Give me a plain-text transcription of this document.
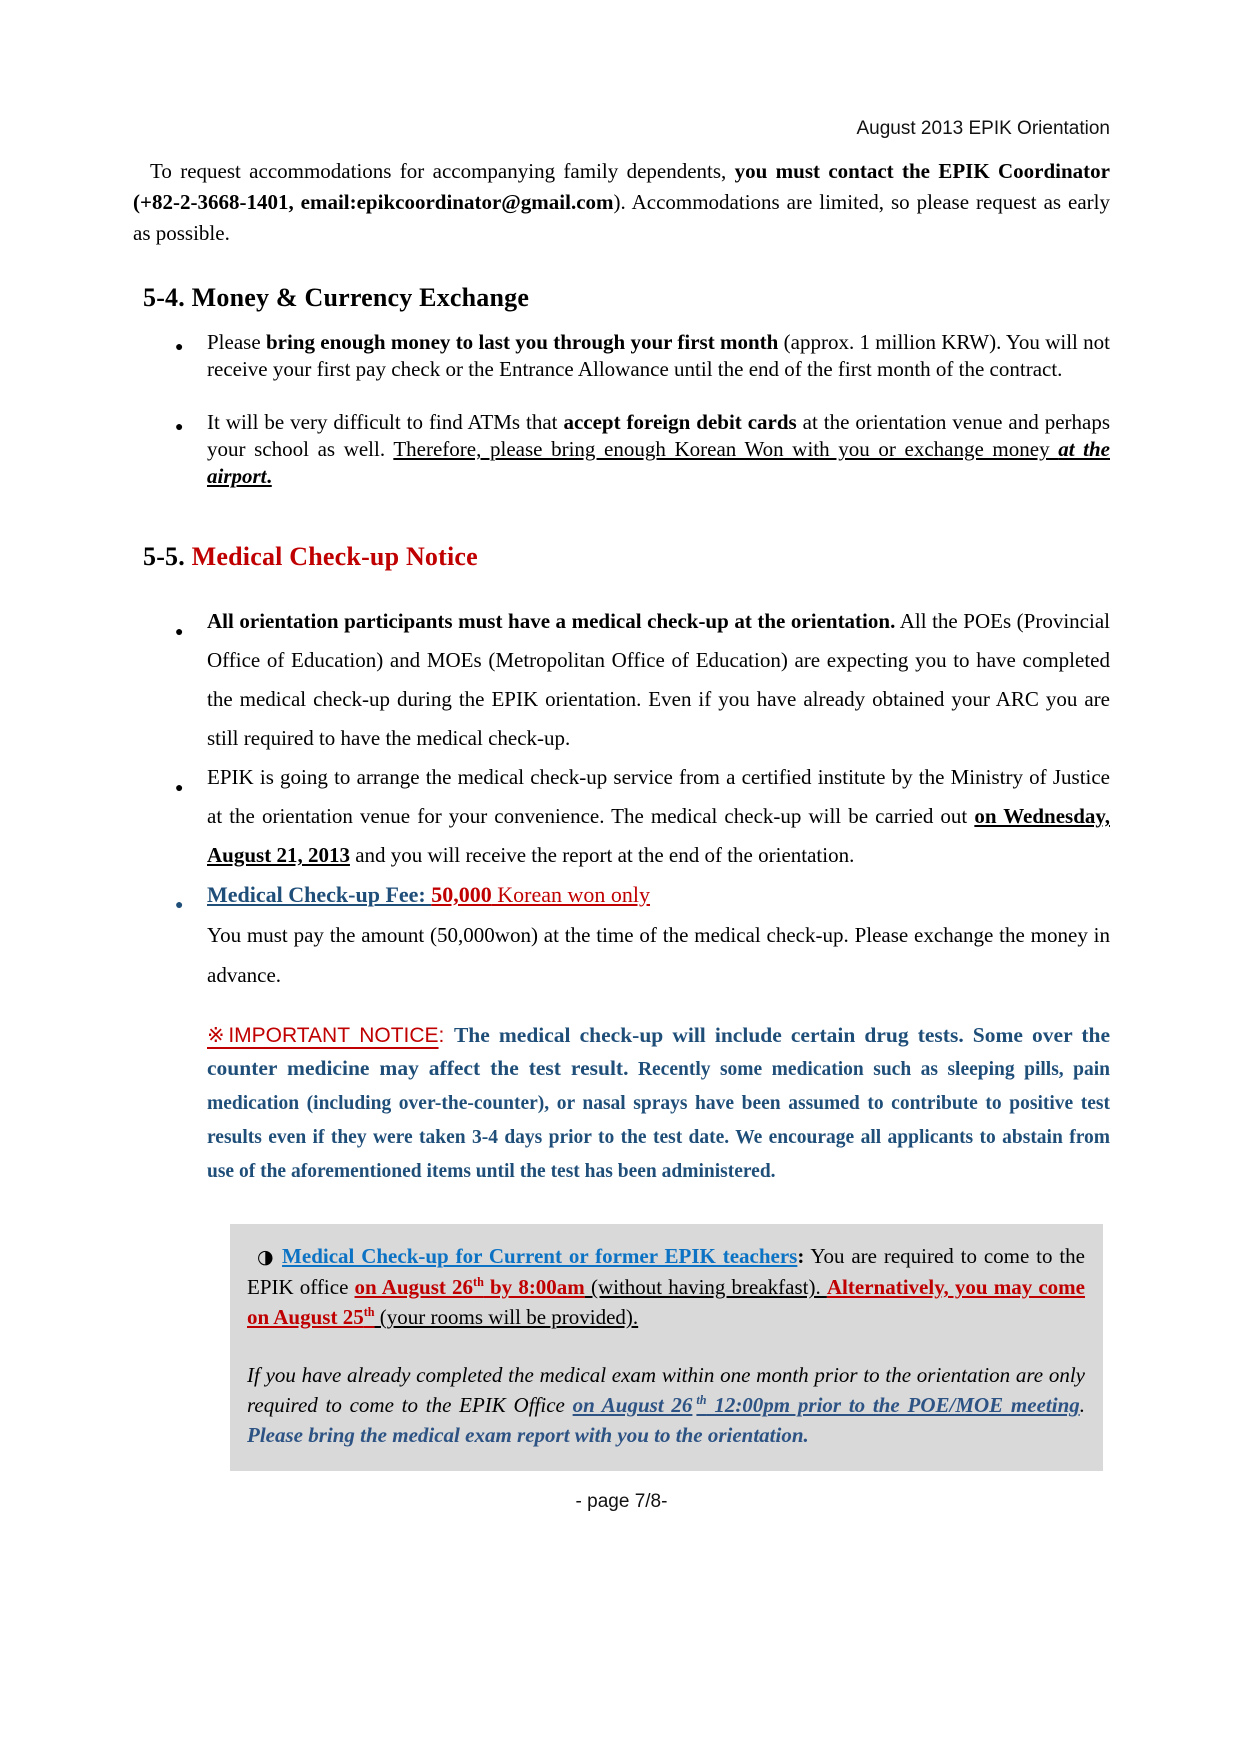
August 2013 EPIK Orientation

To request accommodations for accompanying family dependents, you must contact the EPIK Coordinator (+82-2-3668-1401, email:epikcoordinator@gmail.com). Accommodations are limited, so please request as early as possible.

5-4. Money & Currency Exchange
● Please bring enough money to last you through your first month (approx. 1 million KRW). You will not receive your first pay check or the Entrance Allowance until the end of the first month of the contract.
● It will be very difficult to find ATMs that accept foreign debit cards at the orientation venue and perhaps your school as well. Therefore, please bring enough Korean Won with you or exchange money at the airport.
5-5. Medical Check-up Notice
● All orientation participants must have a medical check-up at the orientation. All the POEs (Provincial Office of Education) and MOEs (Metropolitan Office of Education) are expecting you to have completed the medical check-up during the EPIK orientation. Even if you have already obtained your ARC you are still required to have the medical check-up.
● EPIK is going to arrange the medical check-up service from a certified institute by the Ministry of Justice at the orientation venue for your convenience. The medical check-up will be carried out on Wednesday, August 21, 2013 and you will receive the report at the end of the orientation.
● Medical Check-up Fee: 50,000 Korean won only

You must pay the amount (50,000won) at the time of the medical check-up. Please exchange the money in advance.

※IMPORTANT NOTICE: The medical check-up will include certain drug tests. Some over the counter medicine may affect the test result. Recently some medication such as sleeping pills, pain medication (including over-the-counter), or nasal sprays have been assumed to contribute to positive test results even if they were taken 3-4 days prior to the test date. We encourage all applicants to abstain from use of the aforementioned items until the test has been administered.

◑ Medical Check-up for Current or former EPIK teachers: You are required to come to the EPIK office on August 26th by 8:00am (without having breakfast). Alternatively, you may come on August 25th (your rooms will be provided).

If you have already completed the medical exam within one month prior to the orientation are only required to come to the EPIK Office on August 26 $^{th}$ 12:00pm prior to the POE/MOE meeting. Please bring the medical exam report with you to the orientation.

- page 7/8-
